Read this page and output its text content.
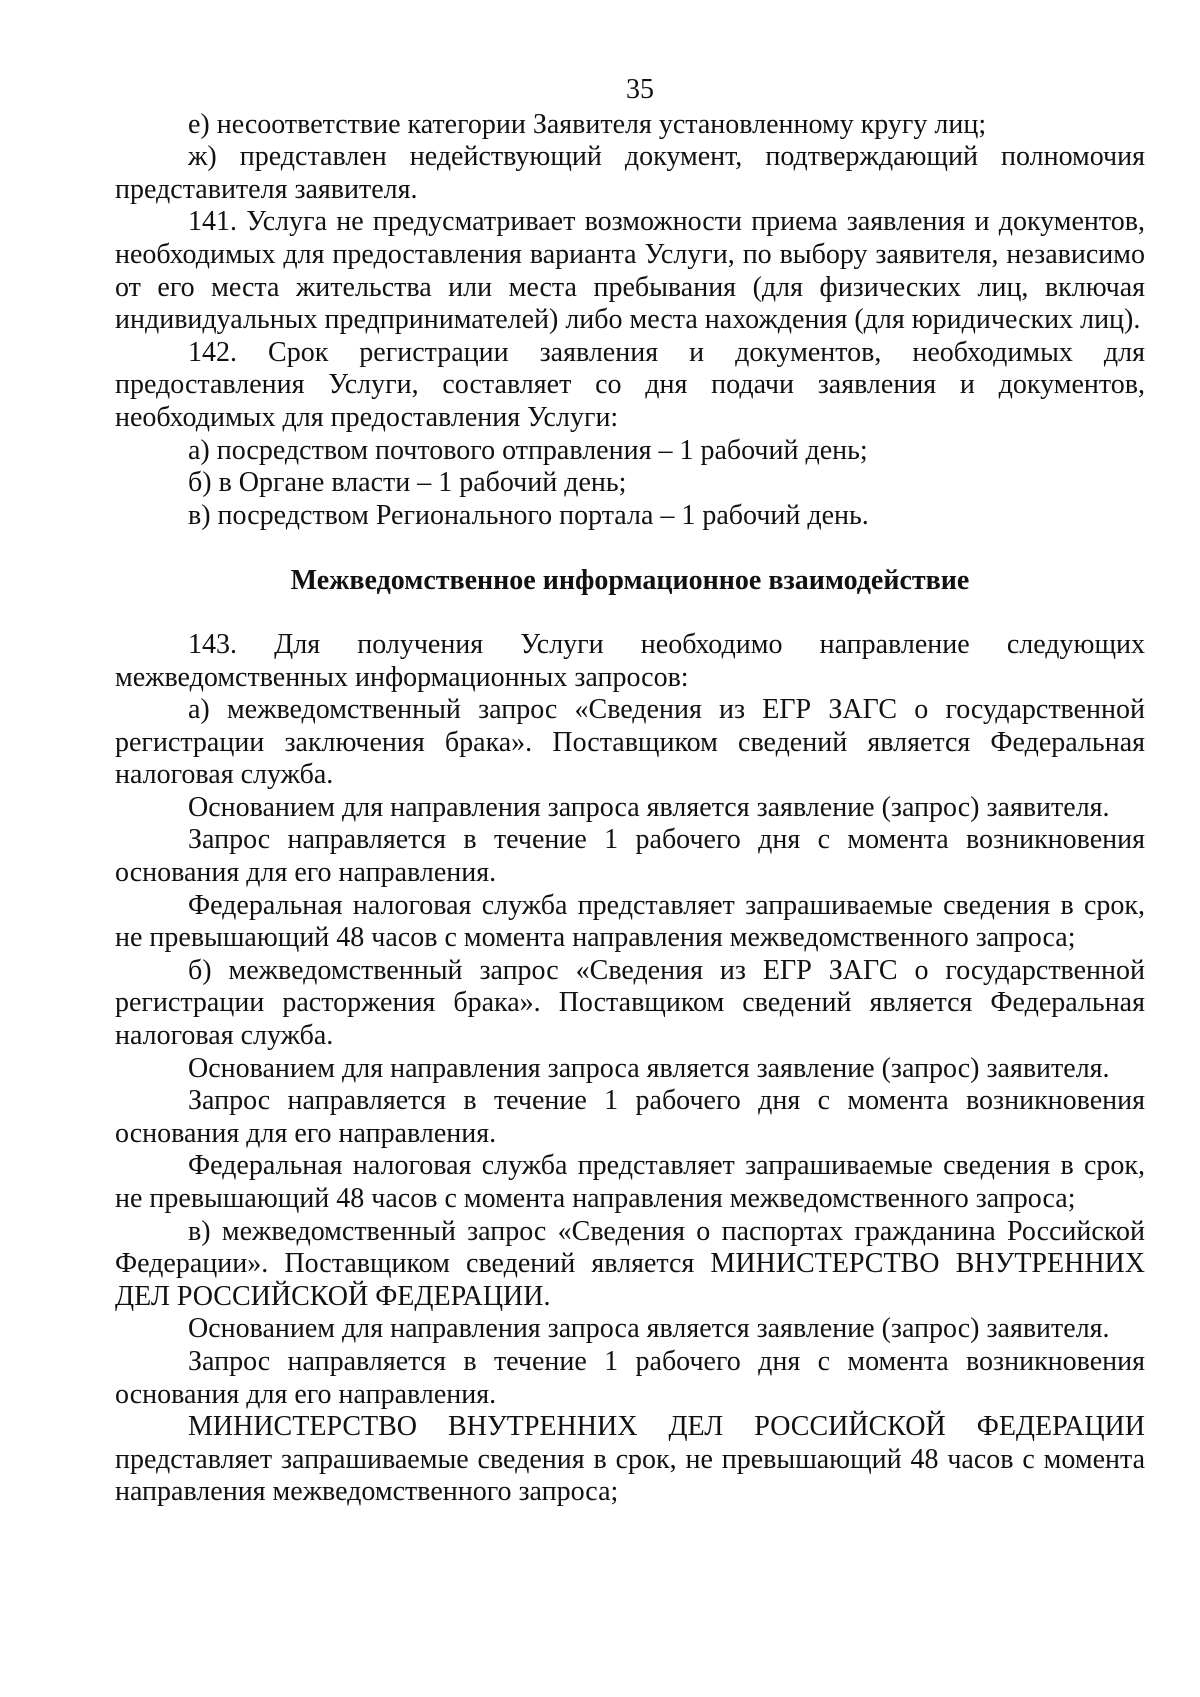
35

е) несоответствие категории Заявителя установленному кругу лиц;

ж) представлен недействующий документ, подтверждающий полномочия представителя заявителя.

141. Услуга не предусматривает возможности приема заявления и документов, необходимых для предоставления варианта Услуги, по выбору заявителя, независимо от его места жительства или места пребывания (для физических лиц, включая индивидуальных предпринимателей) либо места нахождения (для юридических лиц).

142. Срок регистрации заявления и документов, необходимых для предоставления Услуги, составляет со дня подачи заявления и документов, необходимых для предоставления Услуги:

а) посредством почтового отправления – 1 рабочий день;

б) в Органе власти – 1 рабочий день;

в) посредством Регионального портала – 1 рабочий день.

Межведомственное информационное взаимодействие

143. Для получения Услуги необходимо направление следующих межведомственных информационных запросов:

а) межведомственный запрос «Сведения из ЕГР ЗАГС о государственной регистрации заключения брака». Поставщиком сведений является Федеральная налоговая служба.

Основанием для направления запроса является заявление (запрос) заявителя.

Запрос направляется в течение 1 рабочего дня с момента возникновения основания для его направления.

Федеральная налоговая служба представляет запрашиваемые сведения в срок, не превышающий 48 часов с момента направления межведомственного запроса;

б) межведомственный запрос «Сведения из ЕГР ЗАГС о государственной регистрации расторжения брака». Поставщиком сведений является Федеральная налоговая служба.

Основанием для направления запроса является заявление (запрос) заявителя.

Запрос направляется в течение 1 рабочего дня с момента возникновения основания для его направления.

Федеральная налоговая служба представляет запрашиваемые сведения в срок, не превышающий 48 часов с момента направления межведомственного запроса;

в) межведомственный запрос «Сведения о паспортах гражданина Российской Федерации». Поставщиком сведений является МИНИСТЕРСТВО ВНУТРЕННИХ ДЕЛ РОССИЙСКОЙ ФЕДЕРАЦИИ.

Основанием для направления запроса является заявление (запрос) заявителя.

Запрос направляется в течение 1 рабочего дня с момента возникновения основания для его направления.

МИНИСТЕРСТВО ВНУТРЕННИХ ДЕЛ РОССИЙСКОЙ ФЕДЕРАЦИИ представляет запрашиваемые сведения в срок, не превышающий 48 часов с момента направления межведомственного запроса;
